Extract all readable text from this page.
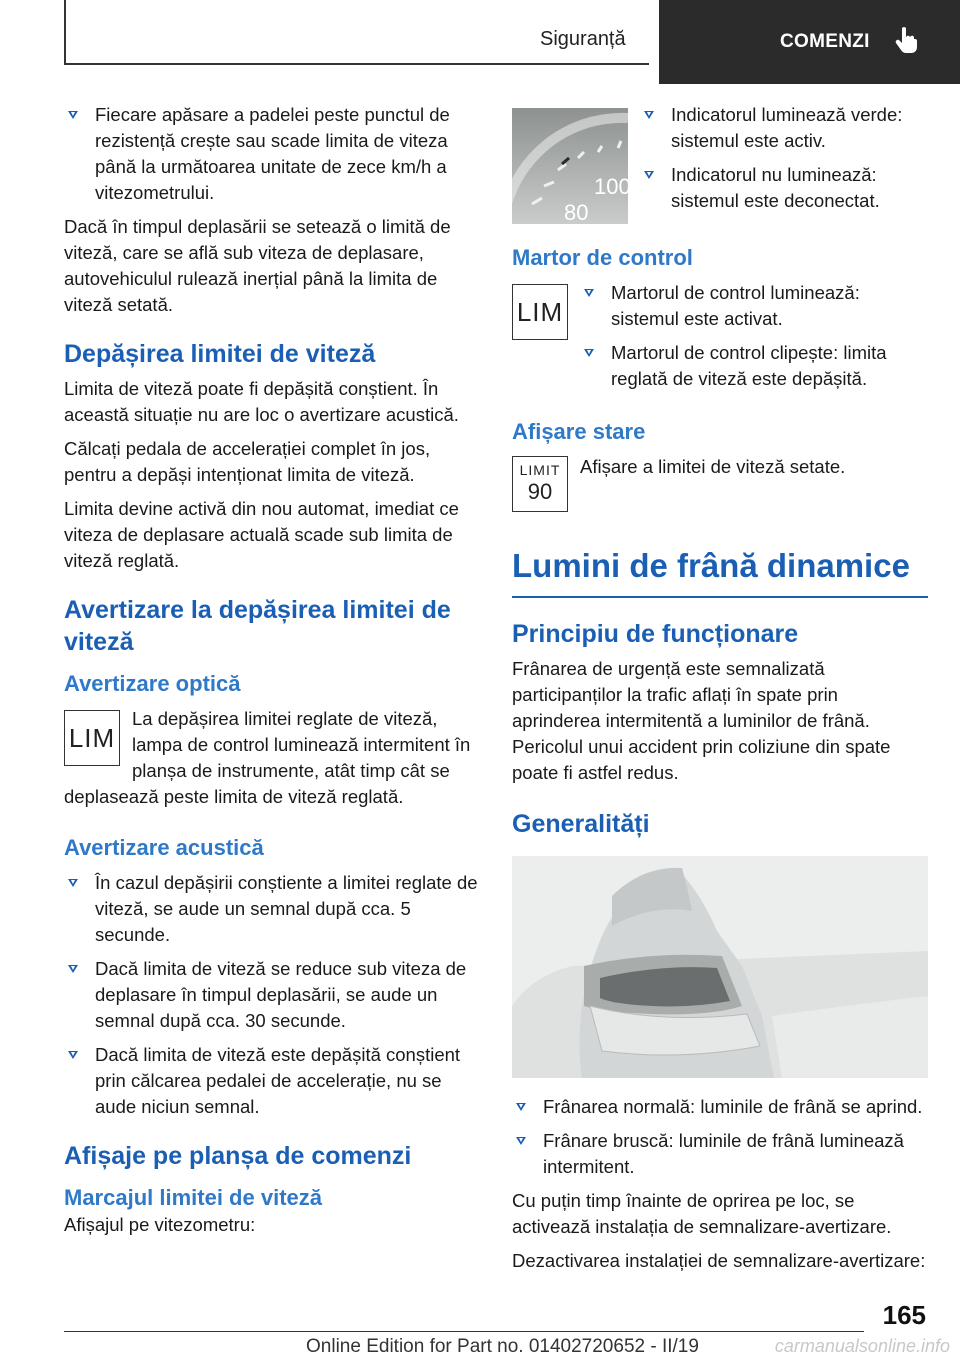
Siguranță	COMENZI
Fiecare apăsare a padelei peste punctul de rezistență crește sau scade limita de viteza până la următoarea unitate de zece km/h a vitezometrului.

Dacă în timpul deplasării se setează o limită de viteză, care se află sub viteza de deplasare, autovehiculul rulează inerțial până la limita de viteză setată.

Depășirea limitei de viteză

Limita de viteză poate fi depășită conștient. În această situație nu are loc o avertizare acustică.

Călcați pedala de accelerației complet în jos, pentru a depăși intenționat limita de viteză.

Limita devine activă din nou automat, imediat ce viteza de deplasare actuală scade sub limita de viteză reglată.

Avertizare la depășirea limitei de viteză
Avertizare optică
LIM

La depășirea limitei reglate de viteză, lampa de control luminează intermitent în planșa de instrumente, atât timp cât se deplasează peste limita de viteză reglată.

Avertizare acustică
În cazul depășirii conștiente a limitei reglate de viteză, se aude un semnal după cca. 5 secunde.
Dacă limita de viteză se reduce sub viteza de deplasare în timpul deplasării, se aude un semnal după cca. 30 secunde.
Dacă limita de viteză este depășită conștient prin călcarea pedalei de accelerație, nu se aude niciun semnal.
Afișaje pe planșa de comenzi
Marcajul limitei de viteză

Afișajul pe vitezometru:

100
80
Indicatorul luminează verde: sistemul este activ.
Indicatorul nu luminează: sistemul este deconectat.
Martor de control
LIM
Martorul de control luminează: sistemul este activat.
Martorul de control clipește: limita reglată de viteză este depășită.
Afișare stare
LIMIT
90

Afișare a limitei de viteză setate.

Lumini de frână dinamice
Principiu de funcționare

Frânarea de urgență este semnalizată participanților la trafic aflați în spate prin aprinderea intermitentă a luminilor de frână. Pericolul unui accident prin coliziune din spate poate fi astfel redus.

Generalități
Frânarea normală: luminile de frână se aprind.
Frânare bruscă: luminile de frână luminează intermitent.

Cu puțin timp înainte de oprirea pe loc, se activează instalația de semnalizare-avertizare.

Dezactivarea instalației de semnalizare-avertizare:

165
Online Edition for Part no. 01402720652 - II/19	carmanualsonline.info
